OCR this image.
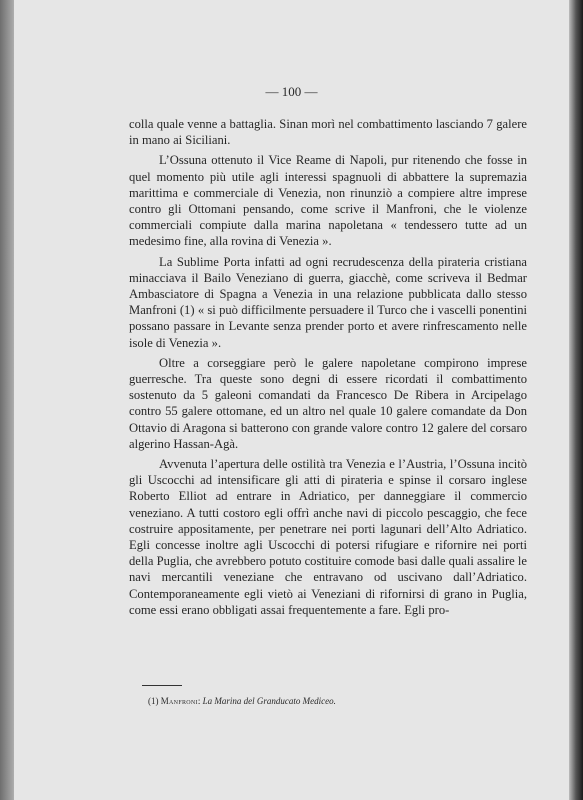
— 100 —

colla quale venne a battaglia. Sinan morì nel combattimento lasciando 7 galere in mano ai Siciliani.

L’Ossuna ottenuto il Vice Reame di Napoli, pur ritenendo che fosse in quel momento più utile agli interessi spagnuoli di abbattere la supremazia marittima e commerciale di Venezia, non rinunziò a compiere altre imprese contro gli Ottomani pensando, come scrive il Manfroni, che le violenze commerciali compiute dalla marina napoletana « tendessero tutte ad un medesimo fine, alla rovina di Venezia ».

La Sublime Porta infatti ad ogni recrudescenza della pirateria cristiana minacciava il Bailo Veneziano di guerra, giacchè, come scriveva il Bedmar Ambasciatore di Spagna a Venezia in una relazione pubblicata dallo stesso Manfroni (1) « si può difficilmente persuadere il Turco che i vascelli ponentini possano passare in Levante senza prender porto et avere rinfrescamento nelle isole di Venezia ».

Oltre a corseggiare però le galere napoletane compirono imprese guerresche. Tra queste sono degni di essere ricordati il combattimento sostenuto da 5 galeoni comandati da Francesco De Ribera in Arcipelago contro 55 galere ottomane, ed un altro nel quale 10 galere comandate da Don Ottavio di Aragona si batterono con grande valore contro 12 galere del corsaro algerino Hassan-Agà.

Avvenuta l’apertura delle ostilità tra Venezia e l’Austria, l’Ossuna incitò gli Uscocchi ad intensificare gli atti di pirateria e spinse il corsaro inglese Roberto Elliot ad entrare in Adriatico, per danneggiare il commercio veneziano. A tutti costoro egli offrì anche navi di piccolo pescaggio, che fece costruire appositamente, per penetrare nei porti lagunari dell’Alto Adriatico. Egli concesse inoltre agli Uscocchi di potersi rifugiare e rifornire nei porti della Puglia, che avrebbero potuto costituire comode basi dalle quali assalire le navi mercantili veneziane che entravano od uscivano dall’Adriatico. Contemporaneamente egli vietò ai Veneziani di rifornirsi di grano in Puglia, come essi erano obbligati assai frequentemente a fare. Egli pro-

(1) Manfroni: La Marina del Granducato Mediceo.
